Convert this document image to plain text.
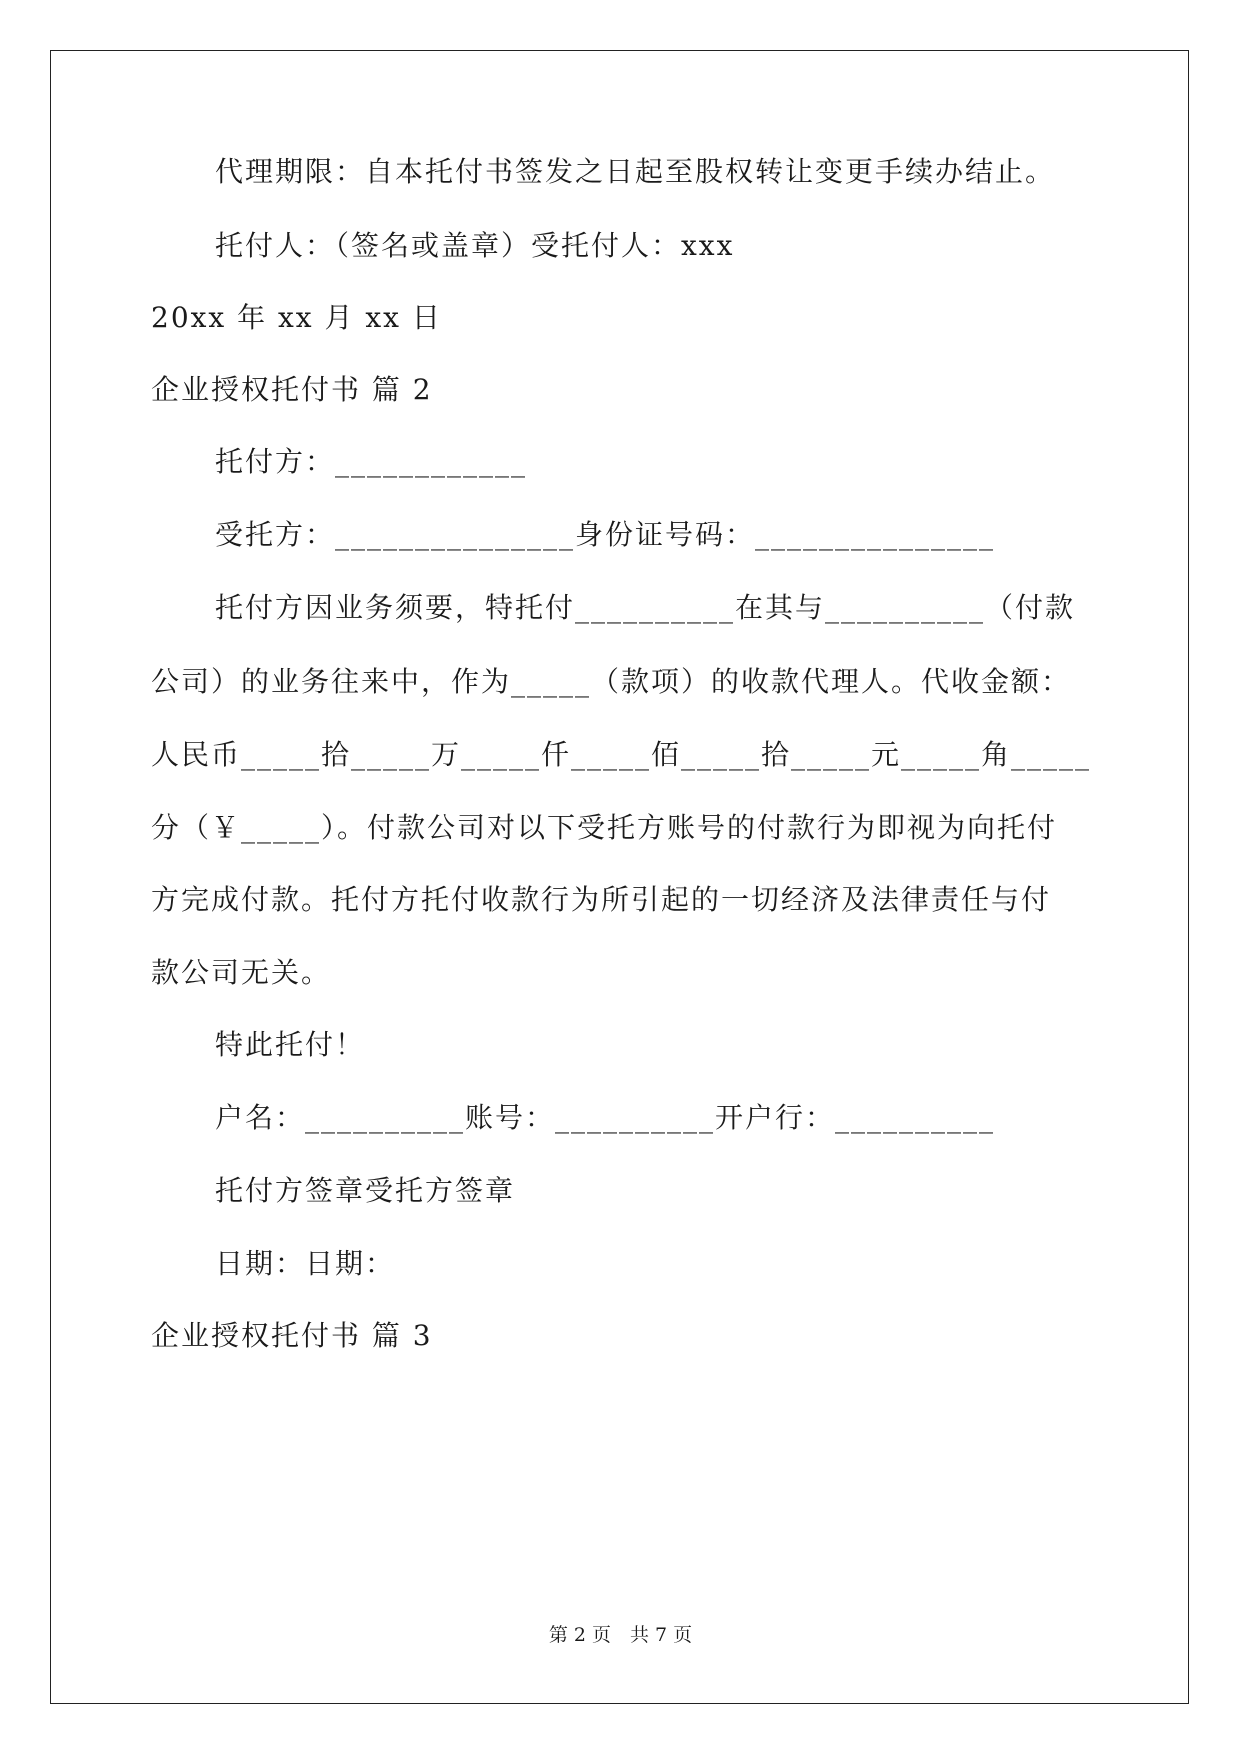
代理期限：自本托付书签发之日起至股权转让变更手续办结止。
托付人：（签名或盖章）受托付人：xxx
20xx 年 xx 月 xx 日
企业授权托付书 篇 2
托付方：____________
受托方：_______________身份证号码：_______________
托付方因业务须要，特托付__________在其与__________（付款
公司）的业务往来中，作为_____（款项）的收款代理人。代收金额：
人民币_____拾_____万_____仟_____佰_____拾_____元_____角_____
分（￥_____）。付款公司对以下受托方账号的付款行为即视为向托付
方完成付款。托付方托付收款行为所引起的一切经济及法律责任与付
款公司无关。
特此托付！
户名：__________账号：__________开户行：__________
托付方签章受托方签章
日期：日期：
企业授权托付书 篇 3
第 2 页　共 7 页
